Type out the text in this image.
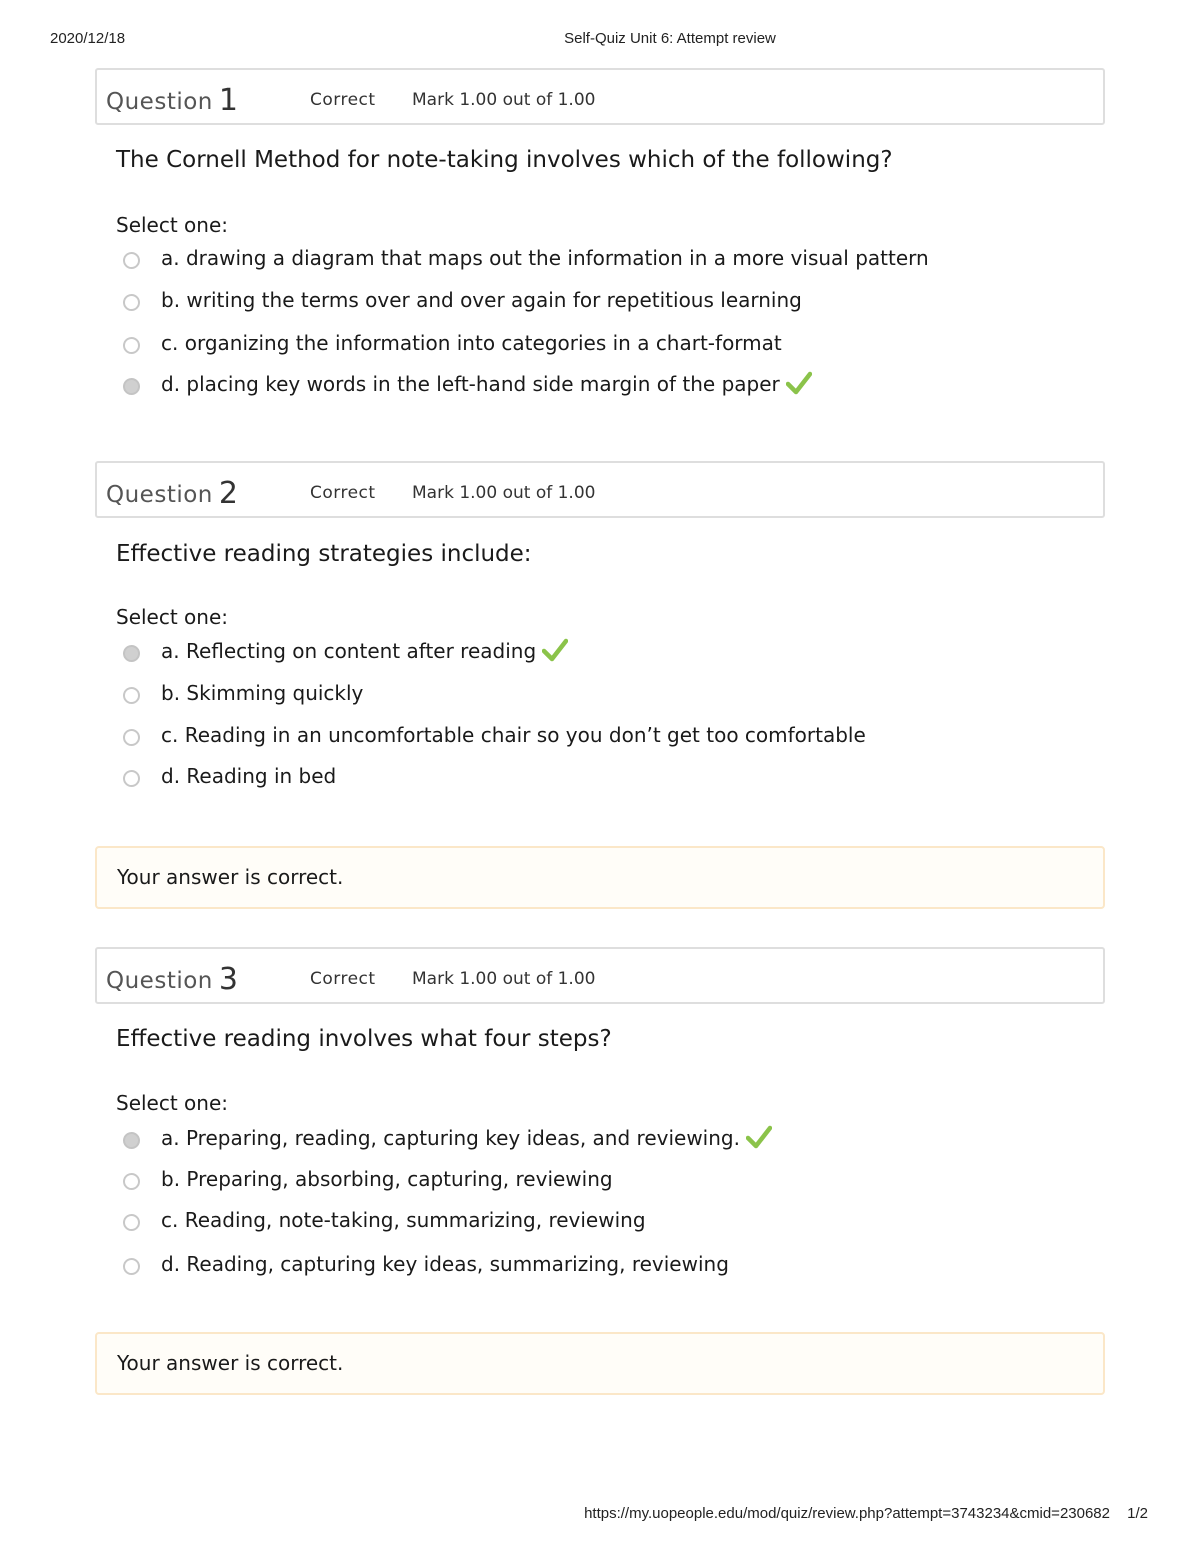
2020/12/18	Self-Quiz Unit 6: Attempt review
Question 1	Correct Mark 1.00 out of 1.00
The Cornell Method for note-taking involves which of the following?
Select one:
a. drawing a diagram that maps out the information in a more visual pattern
b. writing the terms over and over again for repetitious learning
c. organizing the information into categories in a chart-format
d. placing key words in the left-hand side margin of the paper
Question 2	Correct Mark 1.00 out of 1.00
Effective reading strategies include:
Select one:
a. Reflecting on content after reading
b. Skimming quickly
c. Reading in an uncomfortable chair so you don’t get too comfortable
d. Reading in bed
Your answer is correct.
Question 3	Correct Mark 1.00 out of 1.00
Effective reading involves what four steps?
Select one:
a. Preparing, reading, capturing key ideas, and reviewing.
b. Preparing, absorbing, capturing, reviewing
c. Reading, note-taking, summarizing, reviewing
d. Reading, capturing key ideas, summarizing, reviewing
Your answer is correct.
https://my.uopeople.edu/mod/quiz/review.php?attempt=3743234&cmid=230682 1/2
